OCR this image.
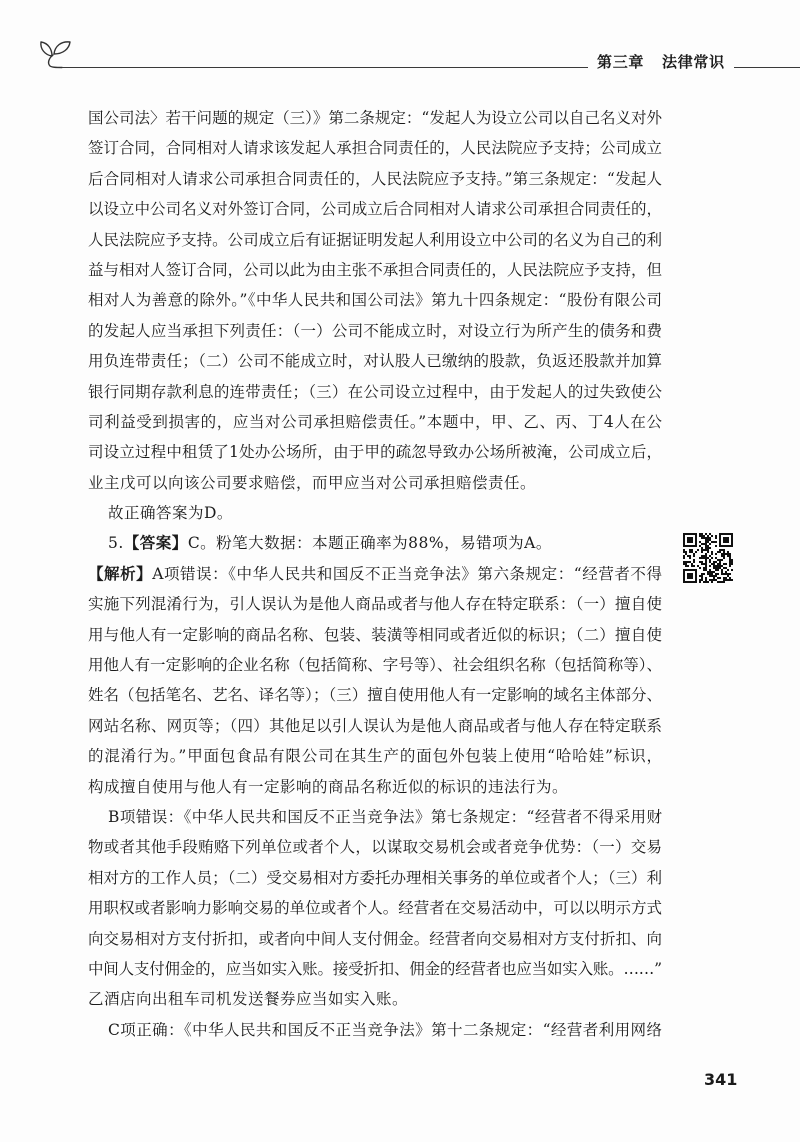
第三章 法律常识
国公司法〉若干问题的规定（三）》第二条规定：“发起人为设立公司以自己名义对外
签订合同，合同相对人请求该发起人承担合同责任的，人民法院应予支持；公司成立
后合同相对人请求公司承担合同责任的，人民法院应予支持。”第三条规定：“发起人
以设立中公司名义对外签订合同，公司成立后合同相对人请求公司承担合同责任的，
人民法院应予支持。公司成立后有证据证明发起人利用设立中公司的名义为自己的利
益与相对人签订合同，公司以此为由主张不承担合同责任的，人民法院应予支持，但
相对人为善意的除外。”《中华人民共和国公司法》第九十四条规定：“股份有限公司
的发起人应当承担下列责任：（一）公司不能成立时，对设立行为所产生的债务和费
用负连带责任；（二）公司不能成立时，对认股人已缴纳的股款，负返还股款并加算
银行同期存款利息的连带责任；（三）在公司设立过程中，由于发起人的过失致使公
司利益受到损害的，应当对公司承担赔偿责任。”本题中，甲、乙、丙、丁4人在公
司设立过程中租赁了1处办公场所，由于甲的疏忽导致办公场所被淹，公司成立后，
业主戊可以向该公司要求赔偿，而甲应当对公司承担赔偿责任。
故正确答案为D。
5.【答案】C。粉笔大数据：本题正确率为88%，易错项为A。
【解析】A项错误：《中华人民共和国反不正当竞争法》第六条规定：“经营者不得
实施下列混淆行为，引人误认为是他人商品或者与他人存在特定联系：（一）擅自使
用与他人有一定影响的商品名称、包装、装潢等相同或者近似的标识；（二）擅自使
用他人有一定影响的企业名称（包括简称、字号等）、社会组织名称（包括简称等）、
姓名（包括笔名、艺名、译名等）；（三）擅自使用他人有一定影响的域名主体部分、
网站名称、网页等；（四）其他足以引人误认为是他人商品或者与他人存在特定联系
的混淆行为。”甲面包食品有限公司在其生产的面包外包装上使用“哈哈娃”标识，
构成擅自使用与他人有一定影响的商品名称近似的标识的违法行为。
B项错误：《中华人民共和国反不正当竞争法》第七条规定：“经营者不得采用财
物或者其他手段贿赂下列单位或者个人，以谋取交易机会或者竞争优势：（一）交易
相对方的工作人员；（二）受交易相对方委托办理相关事务的单位或者个人；（三）利
用职权或者影响力影响交易的单位或者个人。经营者在交易活动中，可以以明示方式
向交易相对方支付折扣，或者向中间人支付佣金。经营者向交易相对方支付折扣、向
中间人支付佣金的，应当如实入账。接受折扣、佣金的经营者也应当如实入账。……”
乙酒店向出租车司机发送餐券应当如实入账。
C项正确：《中华人民共和国反不正当竞争法》第十二条规定：“经营者利用网络
341
